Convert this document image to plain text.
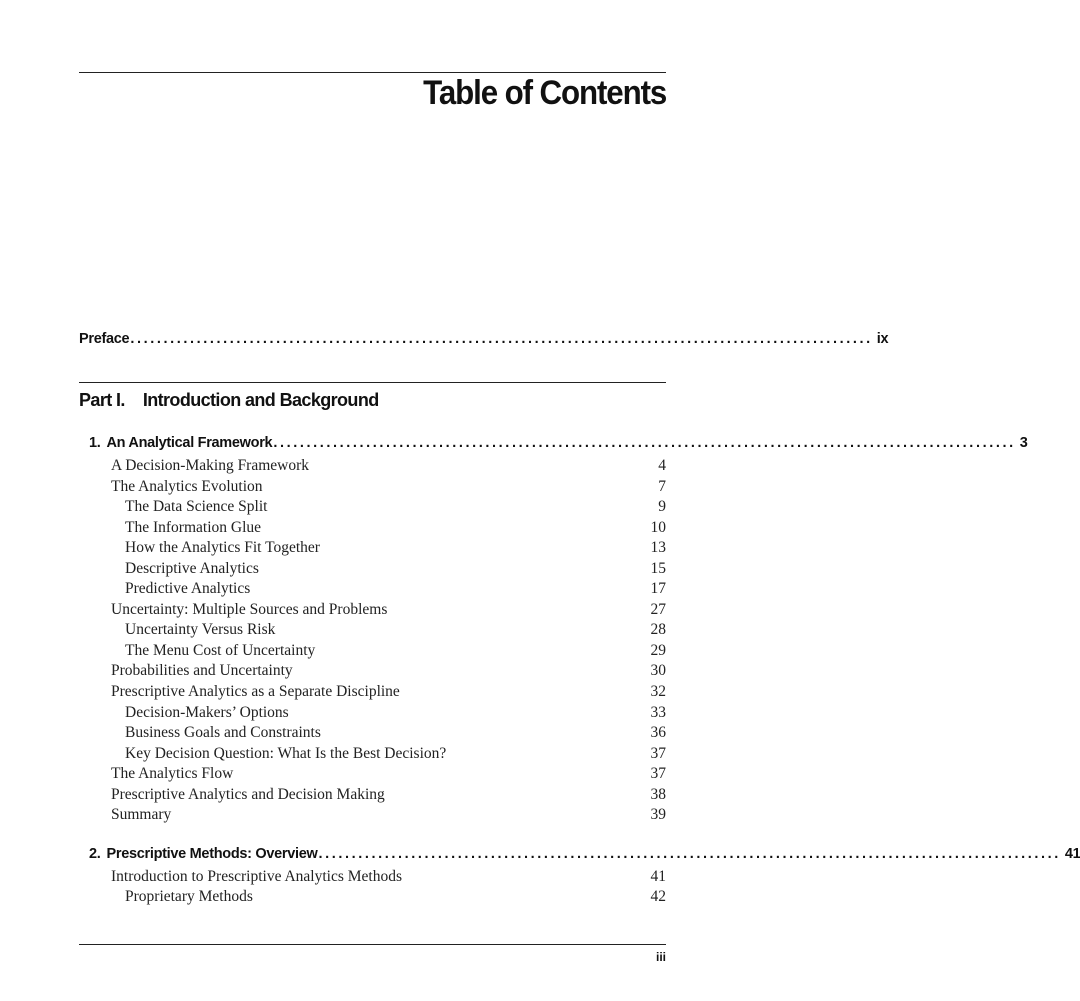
Table of Contents
Preface ................................................................................................................ ix
Part I. Introduction and Background
1. An Analytical Framework ................................................................................................................ 3
A Decision-Making Framework	4
The Analytics Evolution	7
The Data Science Split	9
The Information Glue	10
How the Analytics Fit Together	13
Descriptive Analytics	15
Predictive Analytics	17
Uncertainty: Multiple Sources and Problems	27
Uncertainty Versus Risk	28
The Menu Cost of Uncertainty	29
Probabilities and Uncertainty	30
Prescriptive Analytics as a Separate Discipline	32
Decision-Makers’ Options	33
Business Goals and Constraints	36
Key Decision Question: What Is the Best Decision?	37
The Analytics Flow	37
Prescriptive Analytics and Decision Making	38
Summary	39
2. Prescriptive Methods: Overview ................................................................................................................ 41
Introduction to Prescriptive Analytics Methods	41
Proprietary Methods	42
iii
